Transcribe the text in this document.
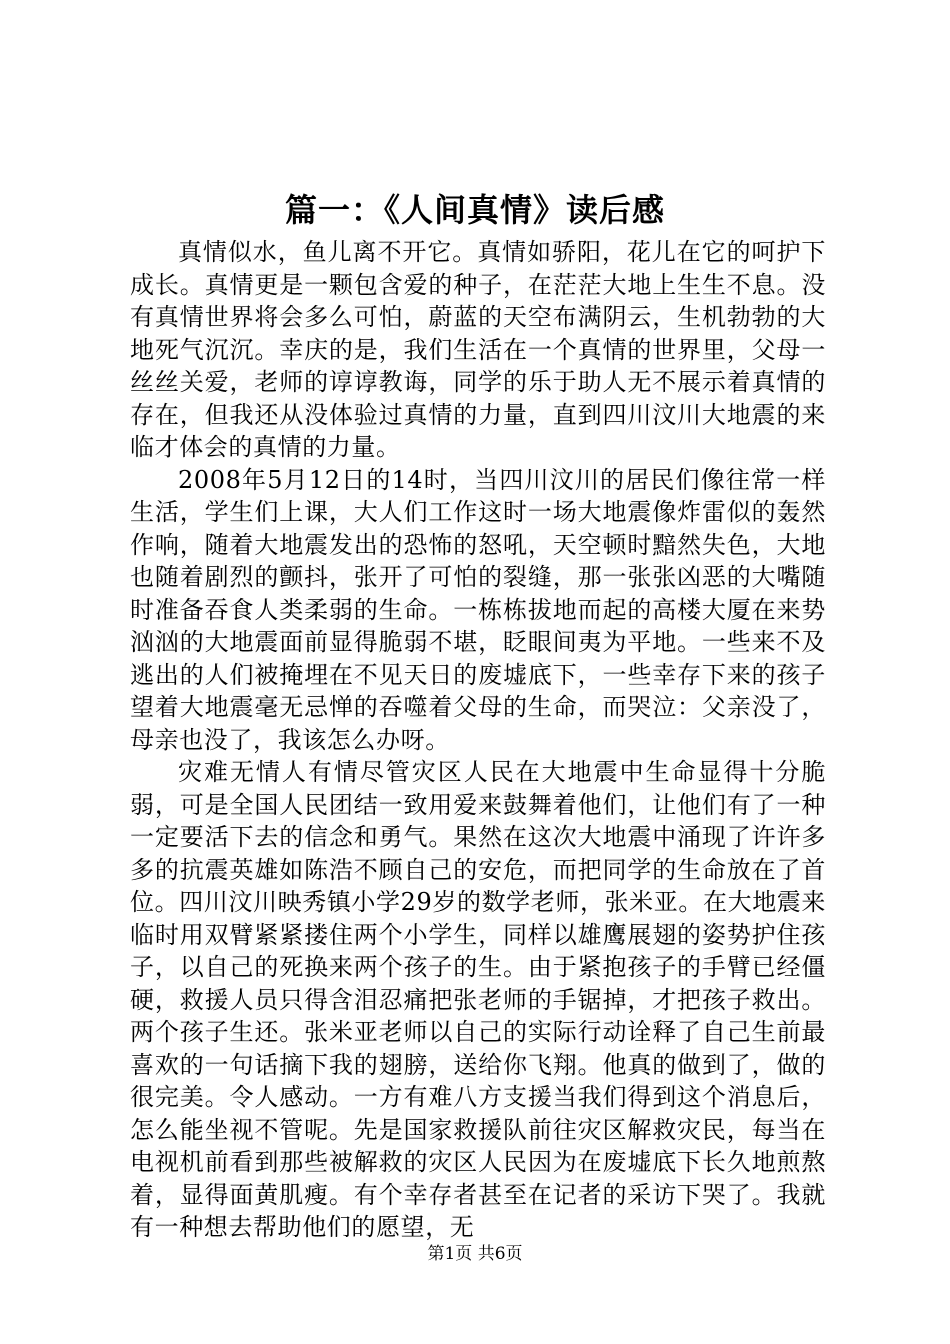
篇一：《人间真情》读后感

真情似水，鱼儿离不开它。真情如骄阳，花儿在它的呵护下成长。真情更是一颗包含爱的种子，在茫茫大地上生生不息。没有真情世界将会多么可怕，蔚蓝的天空布满阴云，生机勃勃的大地死气沉沉。幸庆的是，我们生活在一个真情的世界里，父母一丝丝关爱，老师的谆谆教诲，同学的乐于助人无不展示着真情的存在，但我还从没体验过真情的力量，直到四川汶川大地震的来临才体会的真情的力量。

2008年5月12日的14时，当四川汶川的居民们像往常一样生活，学生们上课，大人们工作这时一场大地震像炸雷似的轰然作响，随着大地震发出的恐怖的怒吼，天空顿时黯然失色，大地也随着剧烈的颤抖，张开了可怕的裂缝，那一张张凶恶的大嘴随时准备吞食人类柔弱的生命。一栋栋拔地而起的高楼大厦在来势汹汹的大地震面前显得脆弱不堪，眨眼间夷为平地。一些来不及逃出的人们被掩埋在不见天日的废墟底下，一些幸存下来的孩子望着大地震毫无忌惮的吞噬着父母的生命，而哭泣：父亲没了，母亲也没了，我该怎么办呀。

灾难无情人有情尽管灾区人民在大地震中生命显得十分脆弱，可是全国人民团结一致用爱来鼓舞着他们，让他们有了一种一定要活下去的信念和勇气。果然在这次大地震中涌现了许许多多的抗震英雄如陈浩不顾自己的安危，而把同学的生命放在了首位。四川汶川映秀镇小学29岁的数学老师，张米亚。在大地震来临时用双臂紧紧搂住两个小学生，同样以雄鹰展翅的姿势护住孩子，以自己的死换来两个孩子的生。由于紧抱孩子的手臂已经僵硬，救援人员只得含泪忍痛把张老师的手锯掉，才把孩子救出。两个孩子生还。张米亚老师以自己的实际行动诠释了自己生前最喜欢的一句话摘下我的翅膀，送给你飞翔。他真的做到了，做的很完美。令人感动。一方有难八方支援当我们得到这个消息后，怎么能坐视不管呢。先是国家救援队前往灾区解救灾民，每当在电视机前看到那些被解救的灾区人民因为在废墟底下长久地煎熬着，显得面黄肌瘦。有个幸存者甚至在记者的采访下哭了。我就有一种想去帮助他们的愿望，无

第1页 共6页
